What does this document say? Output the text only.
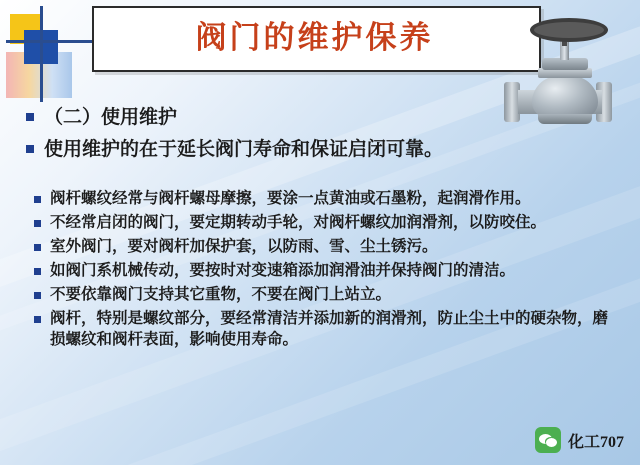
阀门的维护保养
（二）使用维护
使用维护的在于延长阀门寿命和保证启闭可靠。
阀杆螺纹经常与阀杆螺母摩擦，要涂一点黄油或石墨粉，起润滑作用。
不经常启闭的阀门，要定期转动手轮，对阀杆螺纹加润滑剂，以防咬住。
室外阀门，要对阀杆加保护套，以防雨、雪、尘土锈污。
如阀门系机械传动，要按时对变速箱添加润滑油并保持阀门的清洁。
不要依靠阀门支持其它重物，不要在阀门上站立。
阀杆，特别是螺纹部分，要经常清洁并添加新的润滑剂，防止尘土中的硬杂物，磨损螺纹和阀杆表面，影响使用寿命。
化工707
